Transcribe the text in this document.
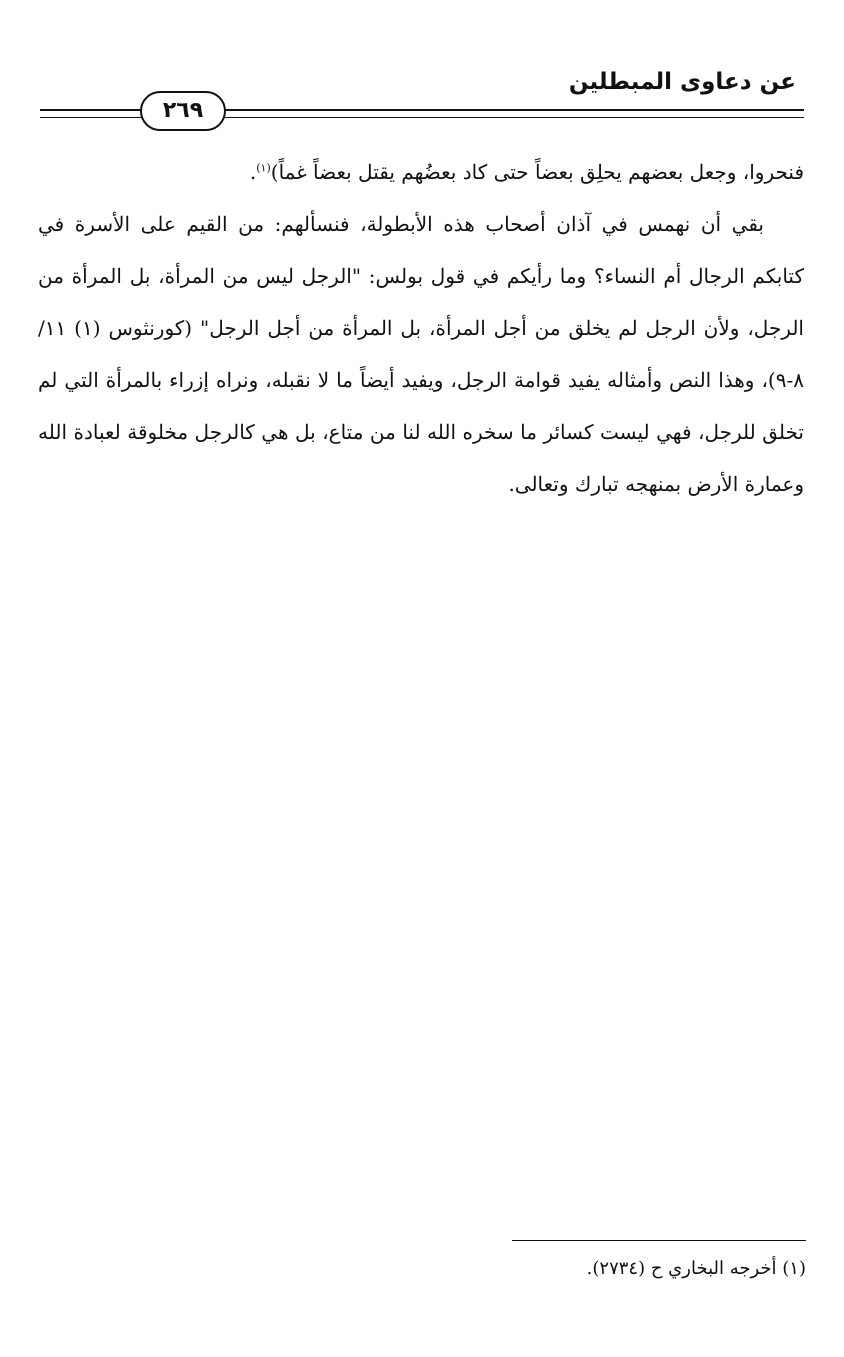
عن دعاوى المبطلين
٢٦٩

فنحروا، وجعل بعضهم يحلِق بعضاً حتى كاد بعضُهم يقتل بعضاً غماً)$^{(١)}$.

بقي أن نهمس في آذان أصحاب هذه الأبطولة، فنسألهم: من القيم على الأسرة في كتابكم الرجال أم النساء؟ وما رأيكم في قول بولس: "الرجل ليس من المرأة، بل المرأة من الرجل، ولأن الرجل لم يخلق من أجل المرأة، بل المرأة من أجل الرجل" (كورنثوس (١) ١١/ ٨-٩)، وهذا النص وأمثاله يفيد قوامة الرجل، ويفيد أيضاً ما لا نقبله، ونراه إزراء بالمرأة التي لم تخلق للرجل، فهي ليست كسائر ما سخره الله لنا من متاع، بل هي كالرجل مخلوقة لعبادة الله وعمارة الأرض بمنهجه تبارك وتعالى.

(١) أخرجه البخاري ح (٢٧٣٤).
